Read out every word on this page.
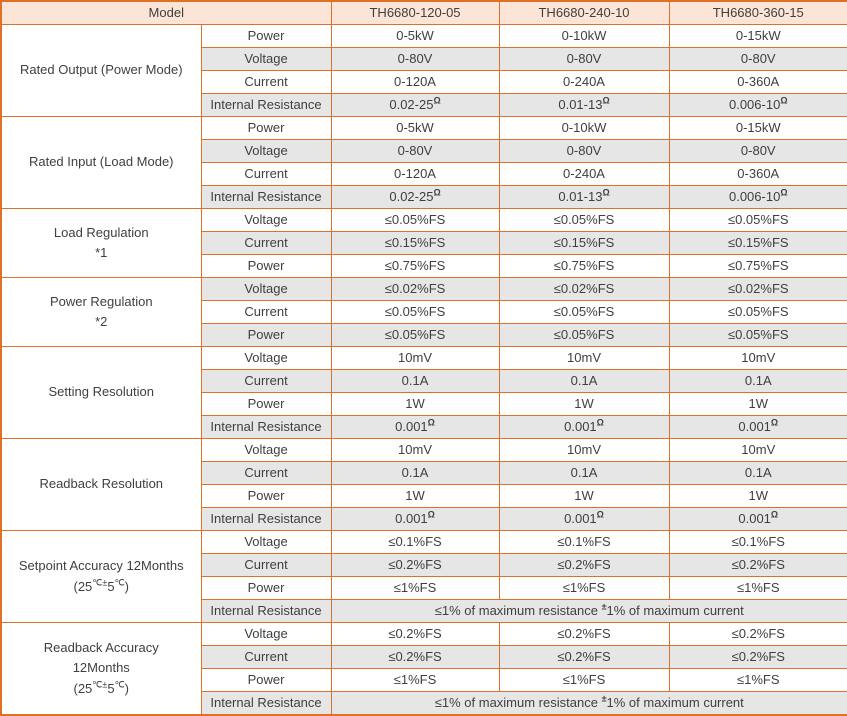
Model		TH6680-120-05	TH6680-240-10	TH6680-360-15

Rated Output (Power Mode)	Power	0-5kW	0-10kW	0-15kW
	Voltage	0-80V	0-80V	0-80V
	Current	0-120A	0-240A	0-360A
	Internal Resistance	$0.02-25^\Omega$	$0.01-13^\Omega$	$0.006-10^\Omega$

Rated Input (Load Mode)	Power	0-5kW	0-10kW	0-15kW
	Voltage	0-80V	0-80V	0-80V
	Current	0-120A	0-240A	0-360A
	Internal Resistance	$0.02-25^\Omega$	$0.01-13^\Omega$	$0.006-10^\Omega$

Load Regulation
*1	Voltage	≤0.05%FS	≤0.05%FS	≤0.05%FS
	Current	≤0.15%FS	≤0.15%FS	≤0.15%FS
	Power	≤0.75%FS	≤0.75%FS	≤0.75%FS

Power Regulation
*2	Voltage	≤0.02%FS	≤0.02%FS	≤0.02%FS
	Current	≤0.05%FS	≤0.05%FS	≤0.05%FS
	Power	≤0.05%FS	≤0.05%FS	≤0.05%FS

Setting Resolution	Voltage	10mV	10mV	10mV
	Current	0.1A	0.1A	0.1A
	Power	1W	1W	1W
	Internal Resistance	$0.001^\Omega$	$0.001^\Omega$	$0.001^\Omega$

Readback Resolution	Voltage	10mV	10mV	10mV
	Current	0.1A	0.1A	0.1A
	Power	1W	1W	1W
	Internal Resistance	$0.001^\Omega$	$0.001^\Omega$	$0.001^\Omega$

Setpoint Accuracy 12Months
(25℃±5℃)	Voltage	≤0.1%FS	≤0.1%FS	≤0.1%FS
	Current	≤0.2%FS	≤0.2%FS	≤0.2%FS
	Power	≤1%FS	≤1%FS	≤1%FS
	Internal Resistance	≤1% of maximum resistance ±1% of maximum current		

Readback Accuracy
12Months
(25℃±5℃)	Voltage	≤0.2%FS	≤0.2%FS	≤0.2%FS
	Current	≤0.2%FS	≤0.2%FS	≤0.2%FS
	Power	≤1%FS	≤1%FS	≤1%FS
	Internal Resistance	≤1% of maximum resistance ±1% of maximum current		
